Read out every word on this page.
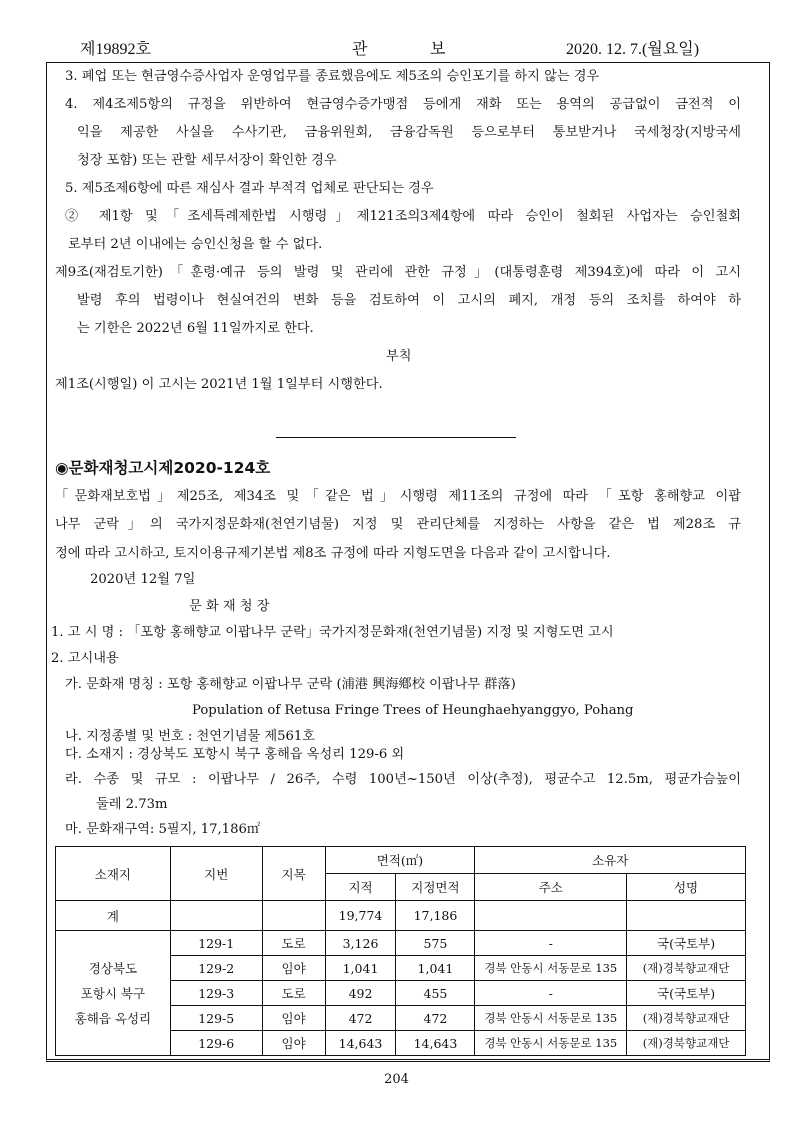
제19892호	관	보	2020. 12. 7.(월요일)
3. 폐업 또는 현금영수증사업자 운영업무를 종료했음에도 제5조의 승인포기를 하지 않는 경우
4. 제4조제5항의 규정을 위반하여 현금영수증가맹점 등에게 재화 또는 용역의 공급없이 금전적 이
익을 제공한 사실을 수사기관, 금융위원회, 금융감독원 등으로부터 통보받거나 국세청장(지방국세
청장 포함) 또는 관할 세무서장이 확인한 경우
5. 제5조제6항에 따른 재심사 결과 부적격 업체로 판단되는 경우
② 제1항 및「조세특례제한법 시행령」제121조의3제4항에 따라 승인이 철회된 사업자는 승인철회
로부터 2년 이내에는 승인신청을 할 수 없다.
제9조(재검토기한)「훈령·예규 등의 발령 및 관리에 관한 규정」(대통령훈령 제394호)에 따라 이 고시
발령 후의 법령이나 현실여건의 변화 등을 검토하여 이 고시의 폐지, 개정 등의 조치를 하여야 하
는 기한은 2022년 6월 11일까지로 한다.
부칙
제1조(시행일) 이 고시는 2021년 1월 1일부터 시행한다.
◉문화재청고시제2020-124호
「문화재보호법」제25조, 제34조 및「같은 법」시행령 제11조의 규정에 따라 「포항 홍해향교 이팝
나무 군락」의 국가지정문화재(천연기념물) 지정 및 관리단체를 지정하는 사항을 같은 법 제28조 규
정에 따라 고시하고, 토지이용규제기본법 제8조 규정에 따라 지형도면을 다음과 같이 고시합니다.
2020년 12월 7일
문 화 재 청 장
1. 고 시 명 : 「포항 홍해향교 이팝나무 군락」국가지정문화재(천연기념물) 지정 및 지형도면 고시
2. 고시내용
가. 문화재 명칭 : 포항 홍해향교 이팝나무 군락 (浦港 興海鄕校 이팝나무 群落)
Population of Retusa Fringe Trees of Heunghaehyanggyo, Pohang
나. 지정종별 및 번호 : 천연기념물 제561호
다. 소재지 : 경상북도 포항시 북구 홍해읍 옥성리 129-6 외
라. 수종 및 규모 : 이팝나무 / 26주, 수령 100년~150년 이상(추정), 평균수고 12.5m, 평균가슴높이
둘레 2.73m
마. 문화재구역: 5필지, 17,186㎡
소재지	지번	지목	면적(㎡)		소유자	
			지적	지정면적	주소	성명
계			19,774	17,186		

경상북도
포항시 북구
홍해읍 옥성리	129-1	도로	3,126	575	-	국(국토부)
	129-2	임야	1,041	1,041	경북 안동시 서동문로 135	(재)경북향교재단
	129-3	도로	492	455	-	국(국토부)
	129-5	임야	472	472	경북 안동시 서동문로 135	(재)경북향교재단
	129-6	임야	14,643	14,643	경북 안동시 서동문로 135	(재)경북향교재단
204
